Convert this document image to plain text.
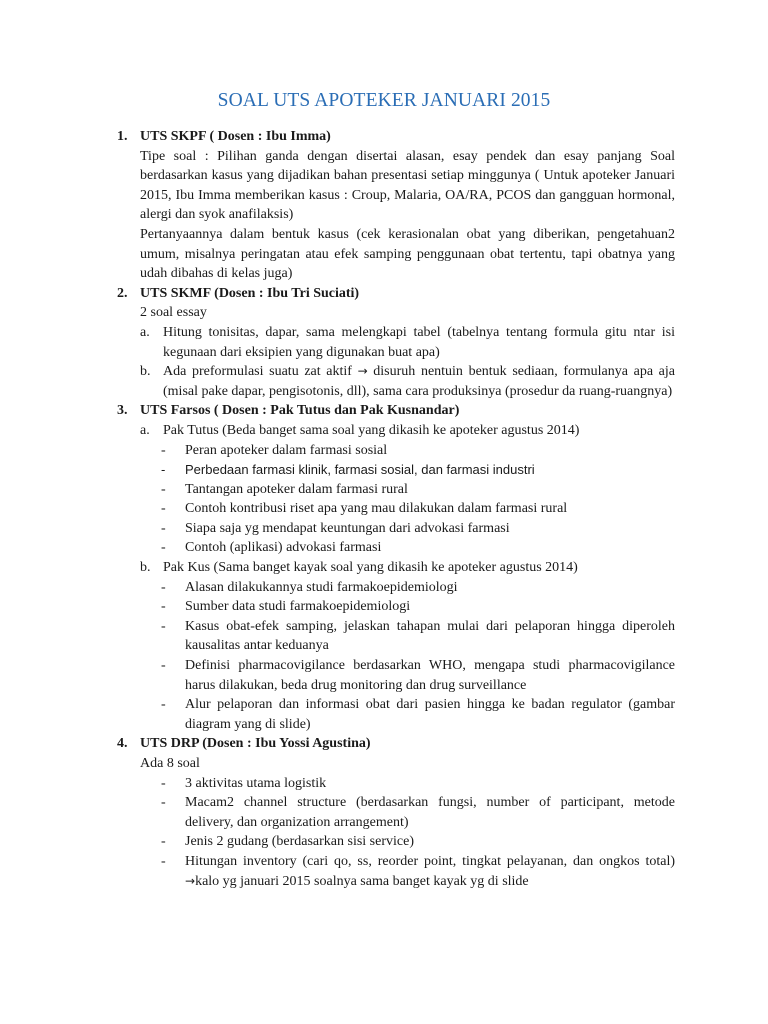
SOAL UTS APOTEKER JANUARI 2015
1. UTS SKPF ( Dosen : Ibu Imma)
Tipe soal : Pilihan ganda dengan disertai alasan, esay pendek dan esay panjang Soal berdasarkan kasus yang dijadikan bahan presentasi setiap minggunya ( Untuk apoteker Januari 2015, Ibu Imma memberikan kasus : Croup, Malaria, OA/RA, PCOS dan gangguan hormonal, alergi dan syok anafilaksis)
Pertanyaannya dalam bentuk kasus (cek kerasionalan obat yang diberikan, pengetahuan2 umum, misalnya peringatan atau efek samping penggunaan obat tertentu, tapi obatnya yang udah dibahas di kelas juga)
2. UTS SKMF (Dosen : Ibu Tri Suciati)
2 soal essay
a. Hitung tonisitas, dapar, sama melengkapi tabel (tabelnya tentang formula gitu ntar isi kegunaan dari eksipien yang digunakan buat apa)
b. Ada preformulasi suatu zat aktif → disuruh nentuin bentuk sediaan, formulanya apa aja (misal pake dapar, pengisotonis, dll), sama cara produksinya (prosedur da ruang-ruangnya)
3. UTS Farsos ( Dosen : Pak Tutus dan Pak Kusnandar)
a. Pak Tutus (Beda banget sama soal yang dikasih ke apoteker agustus 2014)
- Peran apoteker dalam farmasi sosial
- Perbedaan farmasi klinik, farmasi sosial, dan farmasi industri
- Tantangan apoteker dalam farmasi rural
- Contoh kontribusi riset apa yang mau dilakukan dalam farmasi rural
- Siapa saja yg mendapat keuntungan dari advokasi farmasi
- Contoh (aplikasi) advokasi farmasi
b. Pak Kus (Sama banget kayak soal yang dikasih ke apoteker agustus 2014)
- Alasan dilakukannya studi farmakoepidemiologi
- Sumber data studi farmakoepidemiologi
- Kasus obat-efek samping, jelaskan tahapan mulai dari pelaporan hingga diperoleh kausalitas antar keduanya
- Definisi pharmacovigilance berdasarkan WHO, mengapa studi pharmacovigilance harus dilakukan, beda drug monitoring dan drug surveillance
- Alur pelaporan dan informasi obat dari pasien hingga ke badan regulator (gambar diagram yang di slide)
4. UTS DRP (Dosen : Ibu Yossi Agustina)
Ada 8 soal
- 3 aktivitas utama logistik
- Macam2 channel structure (berdasarkan fungsi, number of participant, metode delivery, dan organization arrangement)
- Jenis 2 gudang (berdasarkan sisi service)
- Hitungan inventory (cari qo, ss, reorder point, tingkat pelayanan, dan ongkos total) →kalo yg januari 2015 soalnya sama banget kayak yg di slide
